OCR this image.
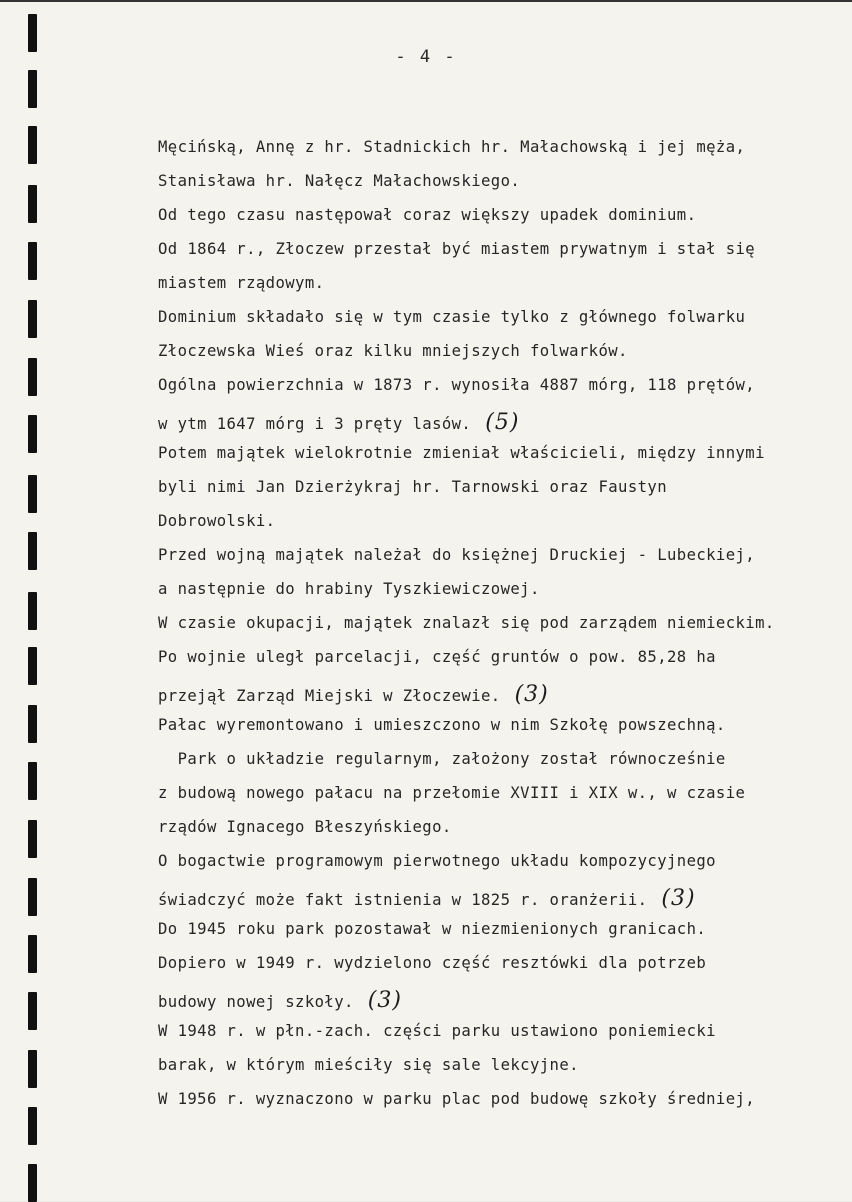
- 4 -
Męcińską, Annę z hr. Stadnickich hr. Małachowską i jej męża,
Stanisława hr. Nałęcz Małachowskiego.
Od tego czasu następował coraz większy upadek dominium.
Od 1864 r., Złoczew przestał być miastem prywatnym i stał się
miastem rządowym.
Dominium składało się w tym czasie tylko z głównego folwarku
Złoczewska Wieś oraz kilku mniejszych folwarków.
Ogólna powierzchnia w 1873 r. wynosiła 4887 mórg, 118 prętów,
w ytm 1647 mórg i 3 pręty lasów. (5)
Potem majątek wielokrotnie zmieniał właścicieli, między innymi
byli nimi Jan Dzierżykraj hr. Tarnowski oraz Faustyn
Dobrowolski.
Przed wojną majątek należał do księżnej Druckiej - Lubeckiej,
a następnie do hrabiny Tyszkiewiczowej.
W czasie okupacji, majątek znalazł się pod zarządem niemieckim.
Po wojnie uległ parcelacji, część gruntów o pow. 85,28 ha
przejął Zarząd Miejski w Złoczewie. (3)
Pałac wyremontowano i umieszczono w nim Szkołę powszechną.
Park o układzie regularnym, założony został równocześnie
z budową nowego pałacu na przełomie XVIII i XIX w., w czasie
rządów Ignacego Błeszyńskiego.
O bogactwie programowym pierwotnego układu kompozycyjnego
świadczyć może fakt istnienia w 1825 r. oranżerii. (3)
Do 1945 roku park pozostawał w niezmienionych granicach.
Dopiero w 1949 r. wydzielono część resztówki dla potrzeb
budowy nowej szkoły. (3)
W 1948 r. w płn.-zach. części parku ustawiono poniemiecki
barak, w którym mieściły się sale lekcyjne.
W 1956 r. wyznaczono w parku plac pod budowę szkoły średniej,
